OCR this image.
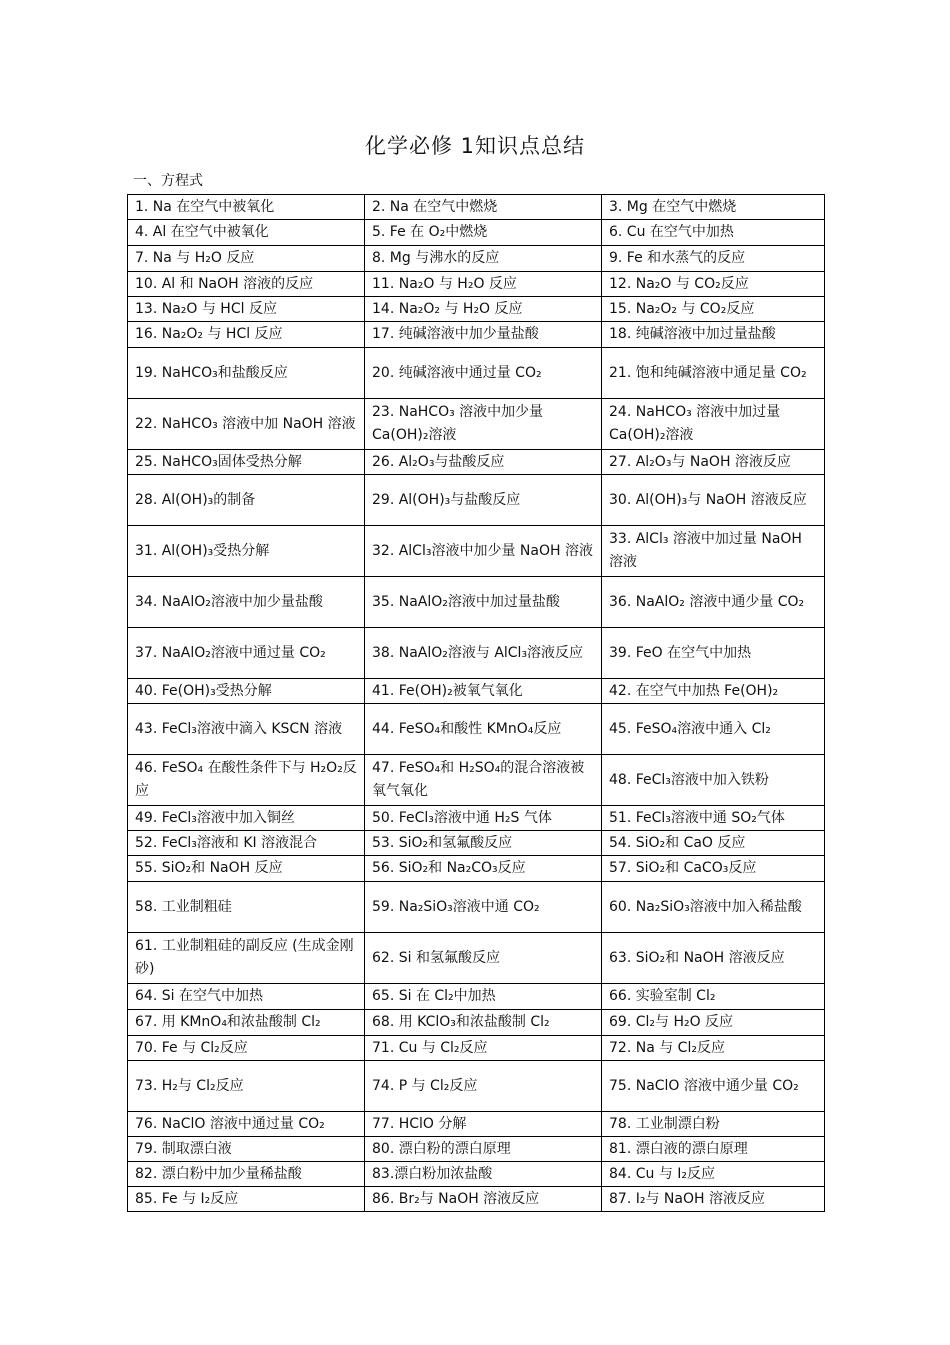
化学必修 1知识点总结
一、方程式
1. Na 在空气中被氧化	2. Na 在空气中燃烧	3. Mg 在空气中燃烧
4. Al 在空气中被氧化	5. Fe 在 O₂中燃烧	6. Cu 在空气中加热
7. Na 与 H₂O 反应	8. Mg 与沸水的反应	9. Fe 和水蒸气的反应
10. Al 和 NaOH 溶液的反应	11. Na₂O 与 H₂O 反应	12. Na₂O 与 CO₂反应
13. Na₂O 与 HCl 反应	14. Na₂O₂ 与 H₂O 反应	15. Na₂O₂ 与 CO₂反应
16. Na₂O₂ 与 HCl 反应	17. 纯碱溶液中加少量盐酸	18. 纯碱溶液中加过量盐酸
19. NaHCO₃和盐酸反应	20. 纯碱溶液中通过量 CO₂	21. 饱和纯碱溶液中通足量 CO₂
22. NaHCO₃ 溶液中加 NaOH 溶液	23. NaHCO₃ 溶液中加少量 Ca(OH)₂溶液	24. NaHCO₃ 溶液中加过量 Ca(OH)₂溶液
25. NaHCO₃固体受热分解	26. Al₂O₃与盐酸反应	27. Al₂O₃与 NaOH 溶液反应
28. Al(OH)₃的制备	29. Al(OH)₃与盐酸反应	30. Al(OH)₃与 NaOH 溶液反应
31. Al(OH)₃受热分解	32. AlCl₃溶液中加少量 NaOH 溶液	33. AlCl₃ 溶液中加过量 NaOH 溶液
34. NaAlO₂溶液中加少量盐酸	35. NaAlO₂溶液中加过量盐酸	36. NaAlO₂ 溶液中通少量 CO₂
37. NaAlO₂溶液中通过量 CO₂	38. NaAlO₂溶液与 AlCl₃溶液反应	39. FeO 在空气中加热
40. Fe(OH)₃受热分解	41. Fe(OH)₂被氧气氧化	42. 在空气中加热 Fe(OH)₂
43. FeCl₃溶液中滴入 KSCN 溶液	44. FeSO₄和酸性 KMnO₄反应	45. FeSO₄溶液中通入 Cl₂
46. FeSO₄ 在酸性条件下与 H₂O₂反应	47. FeSO₄和 H₂SO₄的混合溶液被氧气氧化	48. FeCl₃溶液中加入铁粉
49. FeCl₃溶液中加入铜丝	50. FeCl₃溶液中通 H₂S 气体	51. FeCl₃溶液中通 SO₂气体
52. FeCl₃溶液和 KI 溶液混合	53. SiO₂和氢氟酸反应	54. SiO₂和 CaO 反应
55. SiO₂和 NaOH 反应	56. SiO₂和 Na₂CO₃反应	57. SiO₂和 CaCO₃反应
58. 工业制粗硅	59. Na₂SiO₃溶液中通 CO₂	60. Na₂SiO₃溶液中加入稀盐酸
61. 工业制粗硅的副反应 (生成金刚砂)	62. Si 和氢氟酸反应	63. SiO₂和 NaOH 溶液反应
64. Si 在空气中加热	65. Si 在 Cl₂中加热	66. 实验室制 Cl₂
67. 用 KMnO₄和浓盐酸制 Cl₂	68. 用 KClO₃和浓盐酸制 Cl₂	69. Cl₂与 H₂O 反应
70. Fe 与 Cl₂反应	71. Cu 与 Cl₂反应	72. Na 与 Cl₂反应
73. H₂与 Cl₂反应	74. P 与 Cl₂反应	75. NaClO 溶液中通少量 CO₂
76. NaClO 溶液中通过量 CO₂	77. HClO 分解	78. 工业制漂白粉
79. 制取漂白液	80. 漂白粉的漂白原理	81. 漂白液的漂白原理
82. 漂白粉中加少量稀盐酸	83.漂白粉加浓盐酸	84. Cu 与 I₂反应
85. Fe 与 I₂反应	86. Br₂与 NaOH 溶液反应	87. I₂与 NaOH 溶液反应
